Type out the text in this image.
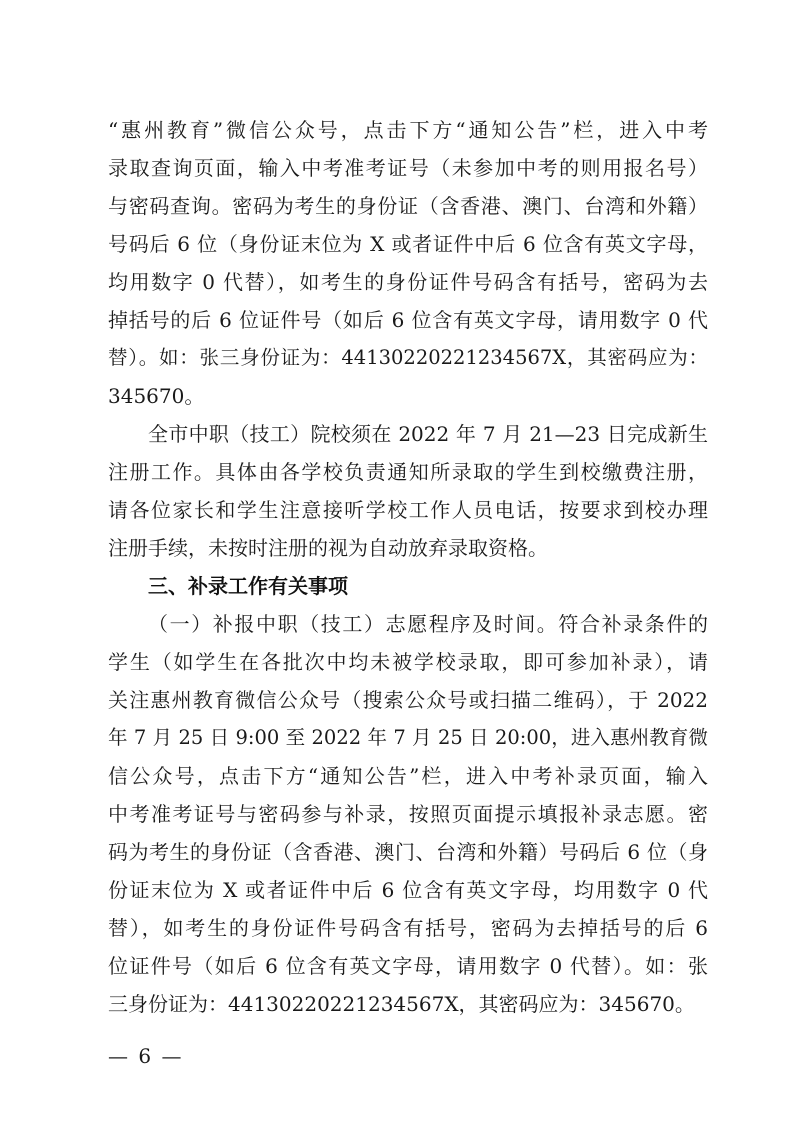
“惠州教育”微信公众号，点击下方“通知公告”栏，进入中考
录取查询页面，输入中考准考证号（未参加中考的则用报名号）
与密码查询。密码为考生的身份证（含香港、澳门、台湾和外籍）
号码后 6 位（身份证末位为 X 或者证件中后 6 位含有英文字母，
均用数字 0 代替），如考生的身份证件号码含有括号，密码为去
掉括号的后 6 位证件号（如后 6 位含有英文字母，请用数字 0 代
替）。如：张三身份证为：44130220221234567X，其密码应为：
345670。
全市中职（技工）院校须在 2022 年 7 月 21—23 日完成新生
注册工作。具体由各学校负责通知所录取的学生到校缴费注册，
请各位家长和学生注意接听学校工作人员电话，按要求到校办理
注册手续，未按时注册的视为自动放弃录取资格。
三、补录工作有关事项
（一）补报中职（技工）志愿程序及时间。符合补录条件的
学生（如学生在各批次中均未被学校录取，即可参加补录），请
关注惠州教育微信公众号（搜索公众号或扫描二维码），于 2022
年 7 月 25 日 9:00 至 2022 年 7 月 25 日 20:00，进入惠州教育微
信公众号，点击下方“通知公告”栏，进入中考补录页面，输入
中考准考证号与密码参与补录，按照页面提示填报补录志愿。密
码为考生的身份证（含香港、澳门、台湾和外籍）号码后 6 位（身
份证末位为 X 或者证件中后 6 位含有英文字母，均用数字 0 代
替），如考生的身份证件号码含有括号，密码为去掉括号的后 6
位证件号（如后 6 位含有英文字母，请用数字 0 代替）。如：张
三身份证为：44130220221234567X，其密码应为：345670。
— 6 —
